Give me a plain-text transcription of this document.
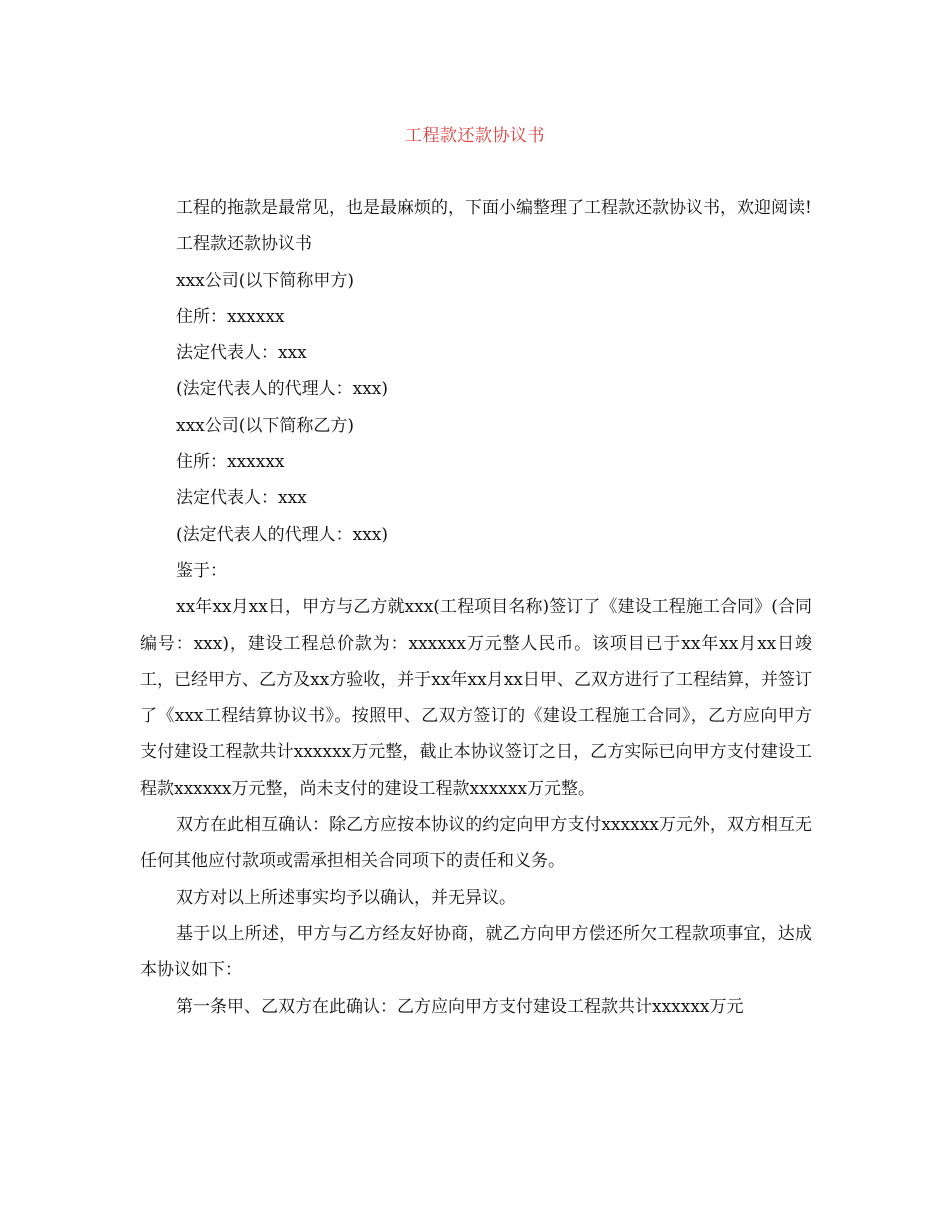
工程款还款协议书

工程的拖款是最常见，也是最麻烦的，下面小编整理了工程款还款协议书，欢迎阅读!

工程款还款协议书

xxx公司(以下简称甲方)

住所：xxxxxx

法定代表人：xxx

(法定代表人的代理人：xxx)

xxx公司(以下简称乙方)

住所：xxxxxx

法定代表人：xxx

(法定代表人的代理人：xxx)

鉴于：

xx年xx月xx日，甲方与乙方就xxx(工程项目名称)签订了《建设工程施工合同》(合同编号：xxx)，建设工程总价款为：xxxxxx万元整人民币。该项目已于xx年xx月xx日竣工，已经甲方、乙方及xx方验收，并于xx年xx月xx日甲、乙双方进行了工程结算，并签订了《xxx工程结算协议书》。按照甲、乙双方签订的《建设工程施工合同》，乙方应向甲方支付建设工程款共计xxxxxx万元整，截止本协议签订之日，乙方实际已向甲方支付建设工程款xxxxxx万元整，尚未支付的建设工程款xxxxxx万元整。

双方在此相互确认：除乙方应按本协议的约定向甲方支付xxxxxx万元外，双方相互无任何其他应付款项或需承担相关合同项下的责任和义务。

双方对以上所述事实均予以确认，并无异议。

基于以上所述，甲方与乙方经友好协商，就乙方向甲方偿还所欠工程款项事宜，达成本协议如下：

第一条甲、乙双方在此确认：乙方应向甲方支付建设工程款共计xxxxxx万元
